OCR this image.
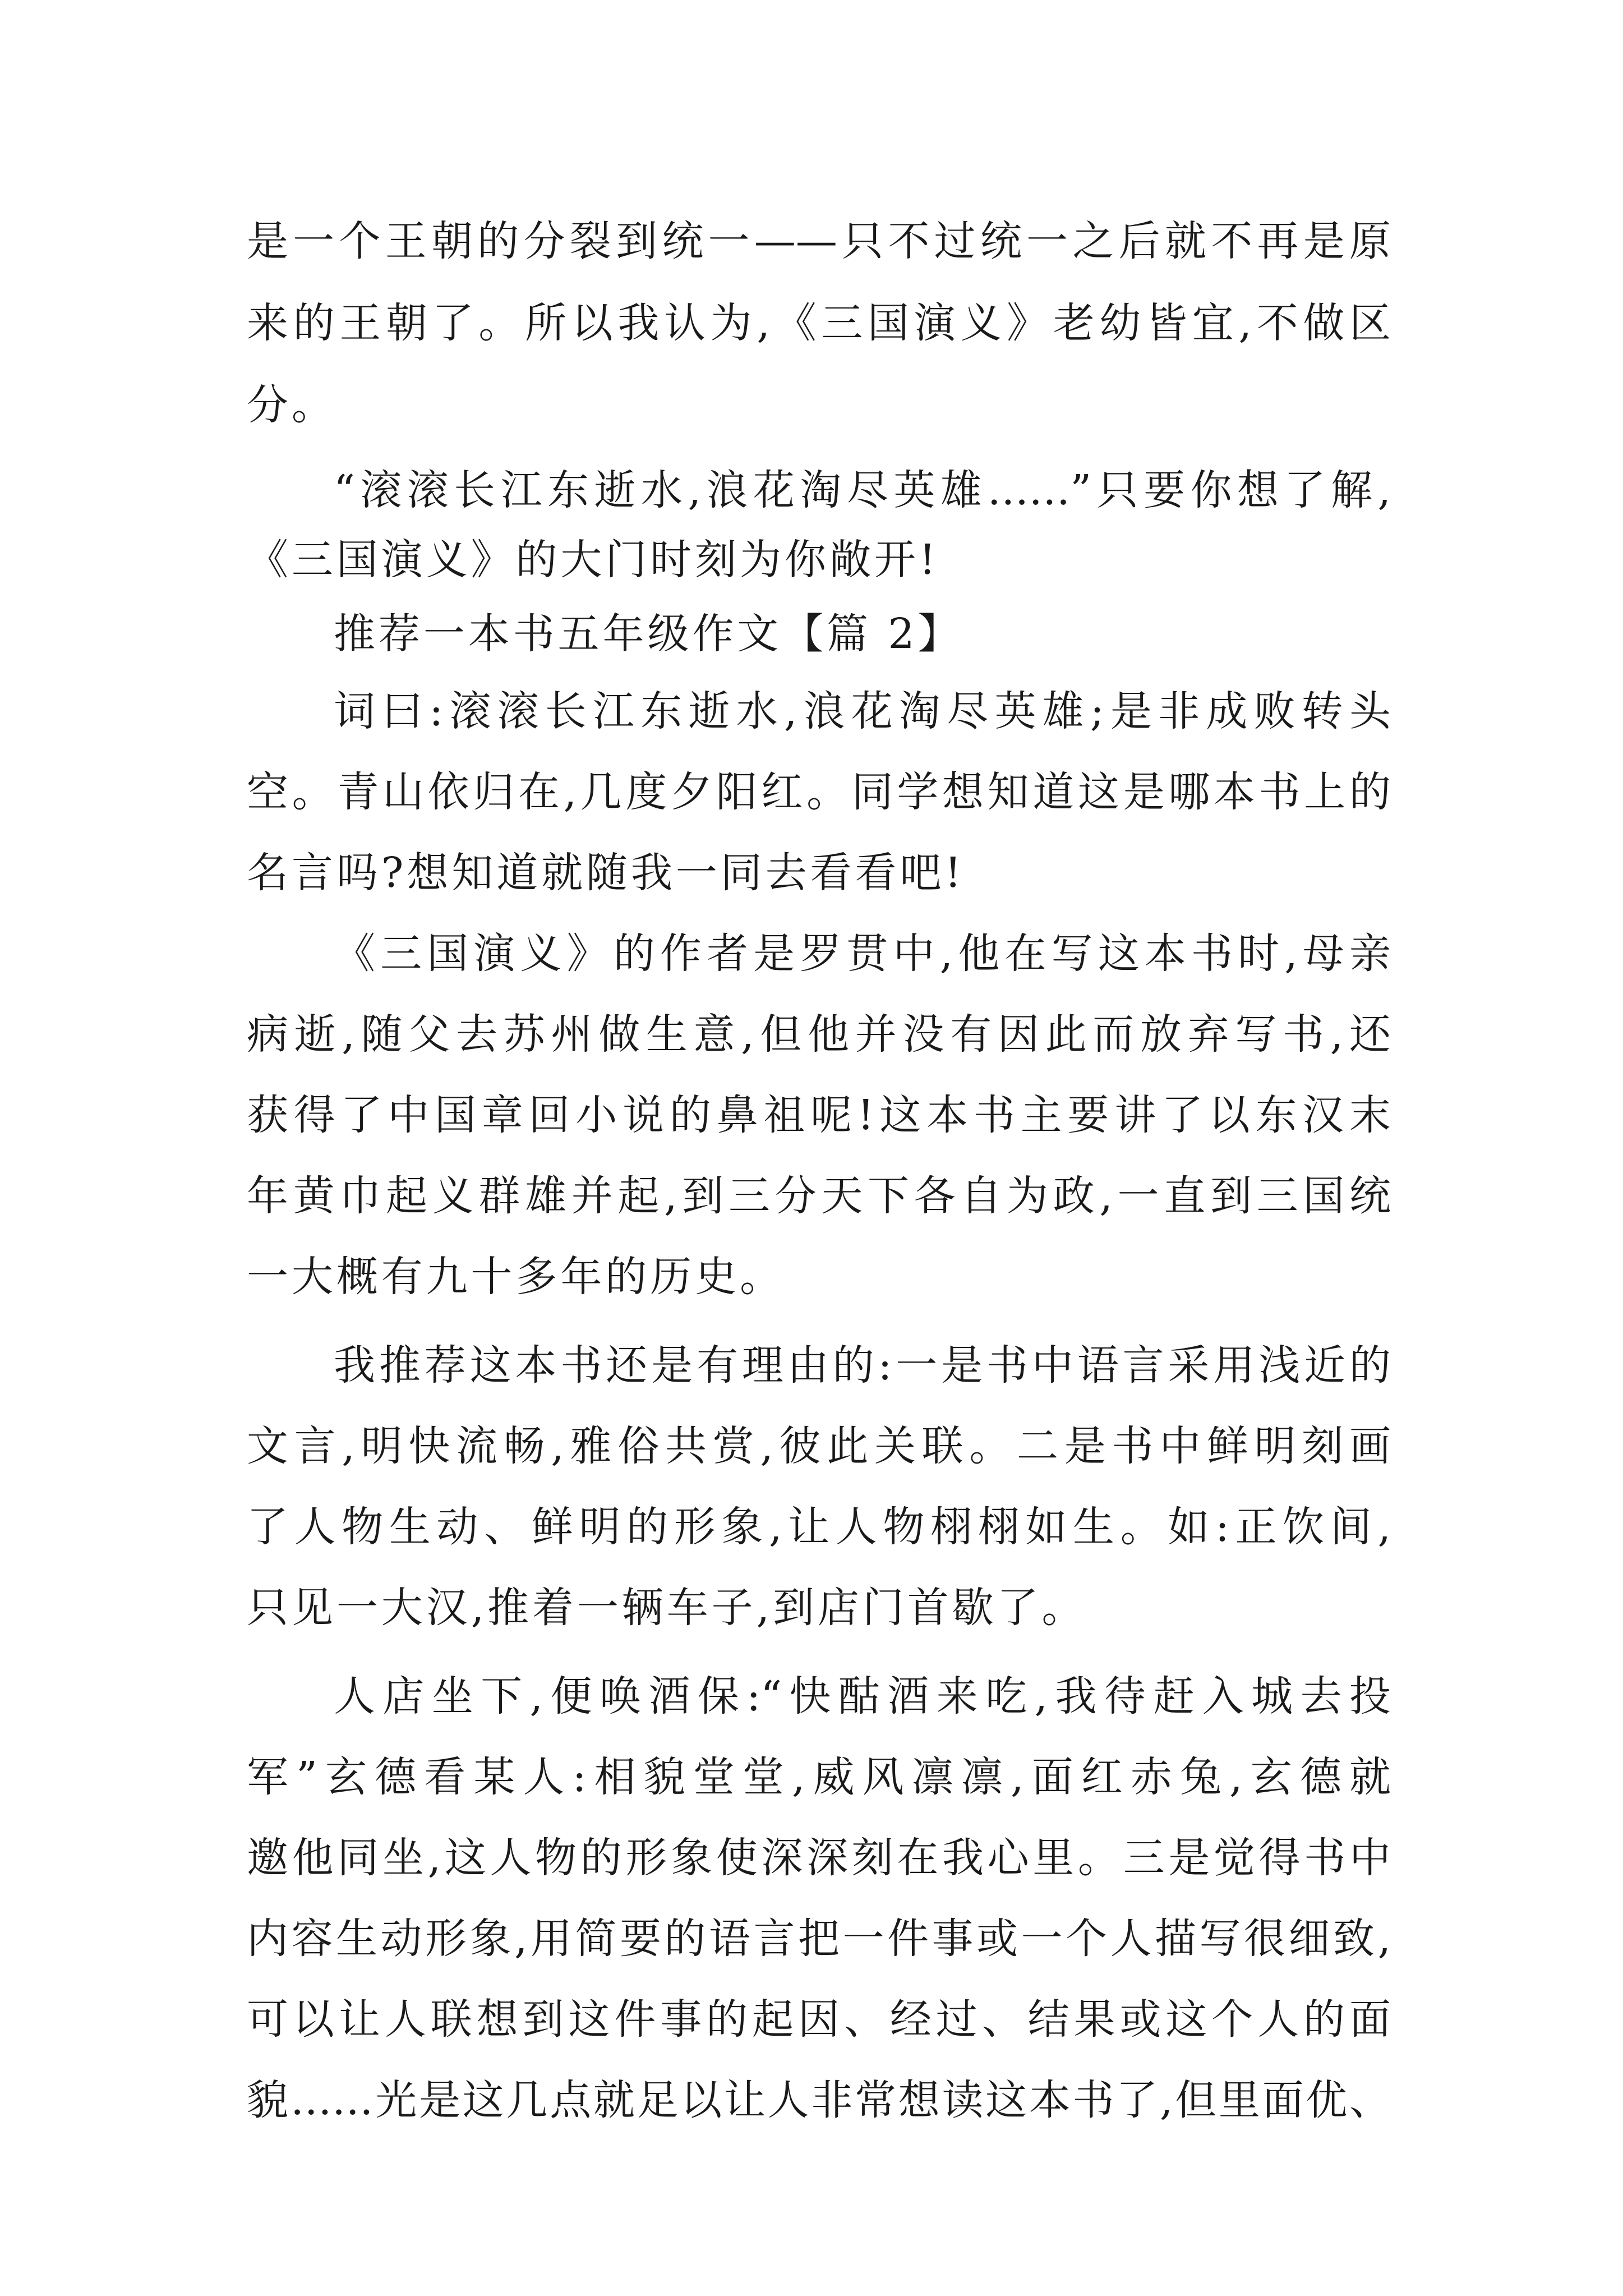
是一个王朝的分裂到统一——只不过统一之后就不再是原

来的王朝了。所以我认为,《三国演义》老幼皆宜,不做区

分。

“滚滚长江东逝水,浪花淘尽英雄……”只要你想了解,

《三国演义》的大门时刻为你敞开!

推荐一本书五年级作文【篇 2】

词曰:滚滚长江东逝水,浪花淘尽英雄;是非成败转头

空。青山依归在,几度夕阳红。同学想知道这是哪本书上的

名言吗?想知道就随我一同去看看吧!

《三国演义》的作者是罗贯中,他在写这本书时,母亲

病逝,随父去苏州做生意,但他并没有因此而放弃写书,还

获得了中国章回小说的鼻祖呢!这本书主要讲了以东汉末

年黄巾起义群雄并起,到三分天下各自为政,一直到三国统

一大概有九十多年的历史。

我推荐这本书还是有理由的:一是书中语言采用浅近的

文言,明快流畅,雅俗共赏,彼此关联。二是书中鲜明刻画

了人物生动、鲜明的形象,让人物栩栩如生。如:正饮间,

只见一大汉,推着一辆车子,到店门首歇了。

人店坐下,便唤酒保:“快酤酒来吃,我待赶入城去投

军”玄德看某人:相貌堂堂,威风凛凛,面红赤兔,玄德就

邀他同坐,这人物的形象使深深刻在我心里。三是觉得书中

内容生动形象,用简要的语言把一件事或一个人描写很细致,

可以让人联想到这件事的起因、经过、结果或这个人的面

貌……光是这几点就足以让人非常想读这本书了,但里面优、
